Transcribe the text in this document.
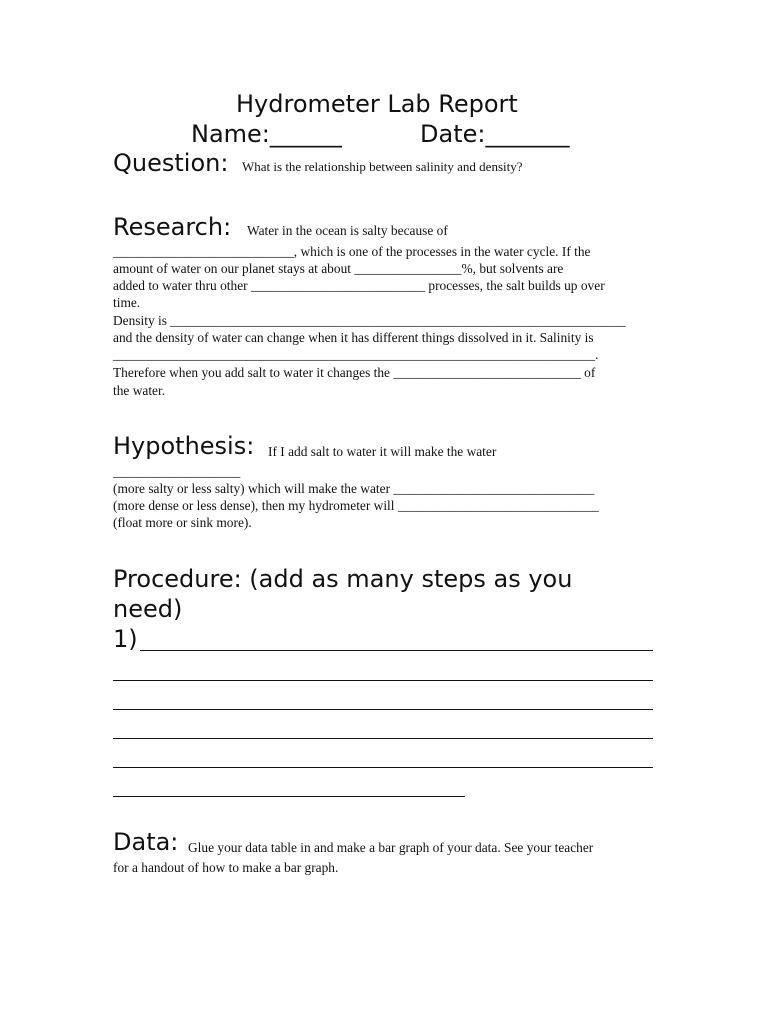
Hydrometer Lab Report
Name:______	Date:_______
Question: What is the relationship between salinity and density?
Research: Water in the ocean is salty because of
___________________________, which is one of the processes in the water cycle. If the
amount of water on our planet stays at about ________________%, but solvents are
added to water thru other __________________________ processes, the salt builds up over
time.
Density is ____________________________________________________________________
and the density of water can change when it has different things dissolved in it. Salinity is
________________________________________________________________________.
Therefore when you add salt to water it changes the ____________________________ of
the water.
Hypothesis: If I add salt to water it will make the water
___________________
(more salty or less salty) which will make the water ______________________________
(more dense or less dense), then my hydrometer will ______________________________
(float more or sink more).
Procedure: (add as many steps as you
need)
1)
Data: Glue your data table in and make a bar graph of your data. See your teacher
for a handout of how to make a bar graph.
